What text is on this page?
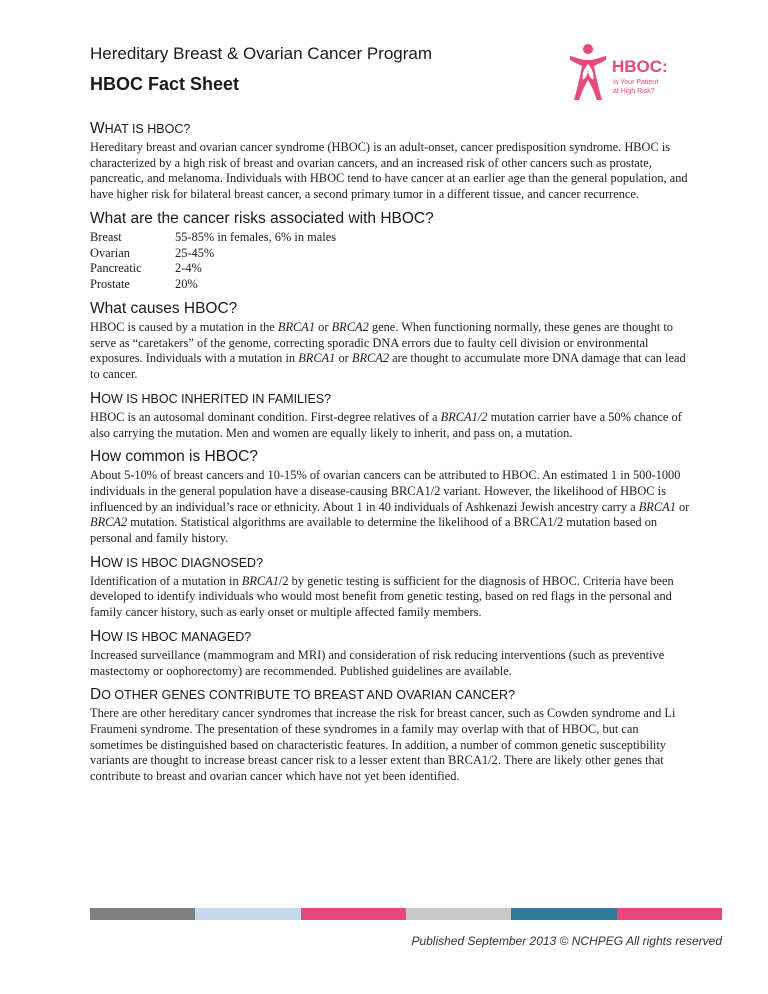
Hereditary Breast & Ovarian Cancer Program
HBOC Fact Sheet
HBOC:
Is Your Patient
at High Risk?
WHAT IS HBOC?

Hereditary breast and ovarian cancer syndrome (HBOC) is an adult-onset, cancer predisposition syndrome. HBOC is characterized by a high risk of breast and ovarian cancers, and an increased risk of other cancers such as prostate, pancreatic, and melanoma. Individuals with HBOC tend to have cancer at an earlier age than the general population, and have higher risk for bilateral breast cancer, a second primary tumor in a different tissue, and cancer recurrence.

What are the cancer risks associated with HBOC?
Breast	55-85% in females, 6% in males
Ovarian	25-45%
Pancreatic	2-4%
Prostate	20%
What causes HBOC?

HBOC is caused by a mutation in the BRCA1 or BRCA2 gene. When functioning normally, these genes are thought to serve as “caretakers” of the genome, correcting sporadic DNA errors due to faulty cell division or environmental exposures. Individuals with a mutation in BRCA1 or BRCA2 are thought to accumulate more DNA damage that can lead to cancer.

HOW IS HBOC INHERITED IN FAMILIES?

HBOC is an autosomal dominant condition. First-degree relatives of a BRCA1/2 mutation carrier have a 50% chance of also carrying the mutation. Men and women are equally likely to inherit, and pass on, a mutation.

How common is HBOC?

About 5-10% of breast cancers and 10-15% of ovarian cancers can be attributed to HBOC. An estimated 1 in 500-1000 individuals in the general population have a disease-causing BRCA1/2 variant. However, the likelihood of HBOC is influenced by an individual’s race or ethnicity. About 1 in 40 individuals of Ashkenazi Jewish ancestry carry a BRCA1 or BRCA2 mutation. Statistical algorithms are available to determine the likelihood of a BRCA1/2 mutation based on personal and family history.

HOW IS HBOC DIAGNOSED?

Identification of a mutation in BRCA1/2 by genetic testing is sufficient for the diagnosis of HBOC. Criteria have been developed to identify individuals who would most benefit from genetic testing, based on red flags in the personal and family cancer history, such as early onset or multiple affected family members.

HOW IS HBOC MANAGED?

Increased surveillance (mammogram and MRI) and consideration of risk reducing interventions (such as preventive mastectomy or oophorectomy) are recommended. Published guidelines are available.

DO OTHER GENES CONTRIBUTE TO BREAST AND OVARIAN CANCER?

There are other hereditary cancer syndromes that increase the risk for breast cancer, such as Cowden syndrome and Li Fraumeni syndrome. The presentation of these syndromes in a family may overlap with that of HBOC, but can sometimes be distinguished based on characteristic features. In addition, a number of common genetic susceptibility variants are thought to increase breast cancer risk to a lesser extent than BRCA1/2. There are likely other genes that contribute to breast and ovarian cancer which have not yet been identified.

Published September 2013 © NCHPEG All rights reserved
